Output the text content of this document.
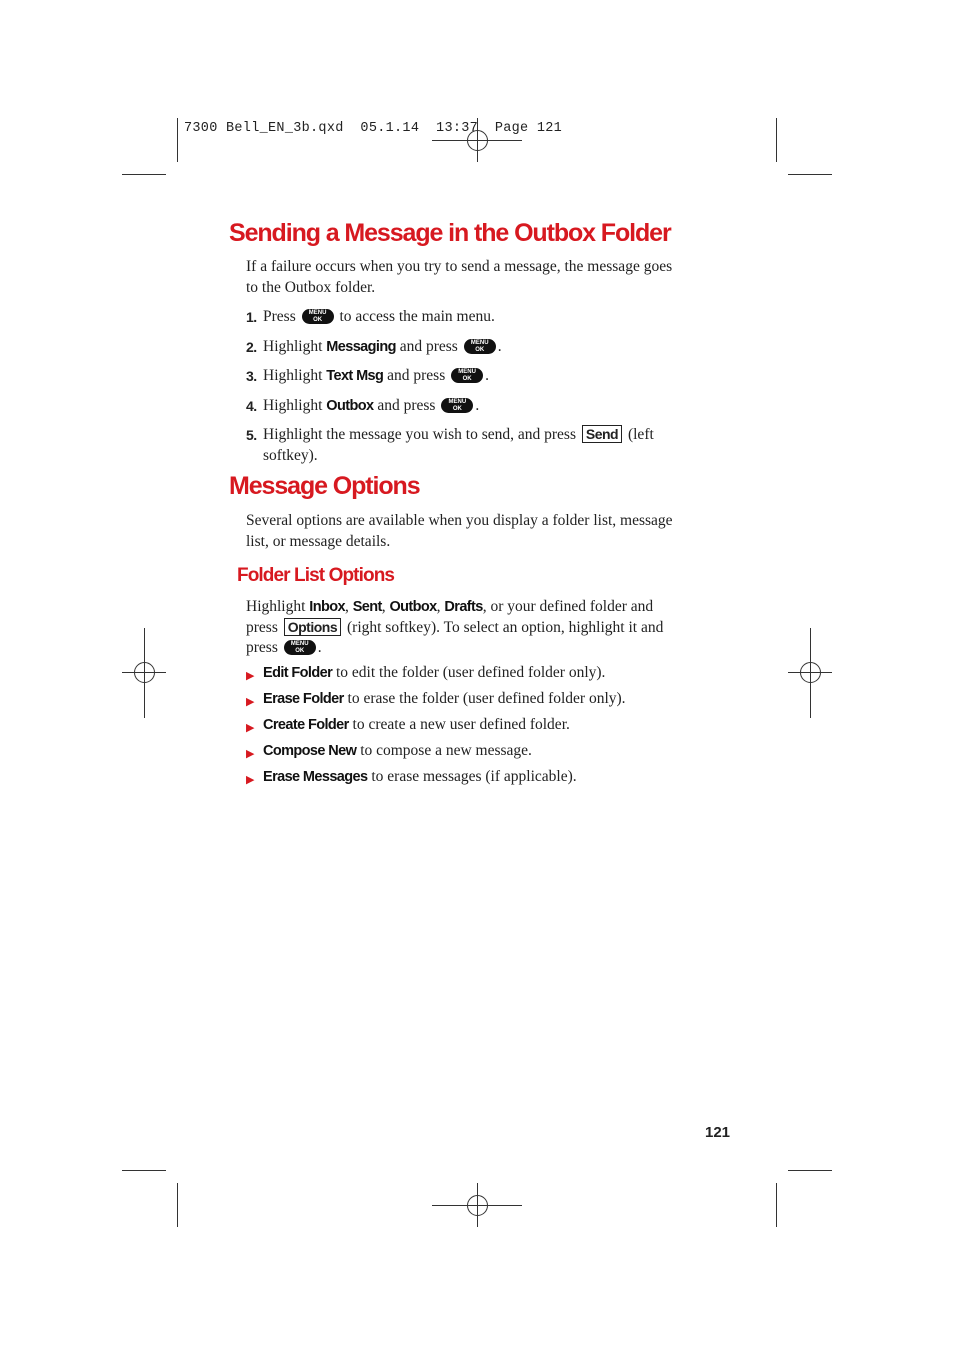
7300 Bell_EN_3b.qxd  05.1.14  13:37  Page 121
Sending a Message in the Outbox Folder
If a failure occurs when you try to send a message, the message goes to the Outbox folder.
1. Press	MENU
OK	to access the main menu.
2. Highlight Messaging and press	MENU
OK .
3. Highlight Text Msg and press	MENU
OK .
4. Highlight Outbox and press	MENU
OK .
5. Highlight the message you wish to send, and press Send (left softkey).
Message Options
Several options are available when you display a folder list, message list, or message details.
Folder List Options
Highlight Inbox, Sent, Outbox, Drafts, or your defined folder and press Options (right softkey). To select an option, highlight it and press	MENU
OK .
▶ Edit Folder to edit the folder (user defined folder only).
▶ Erase Folder to erase the folder (user defined folder only).
▶ Create Folder to create a new user defined folder.
▶ Compose New to compose a new message.
▶ Erase Messages to erase messages (if applicable).
121
